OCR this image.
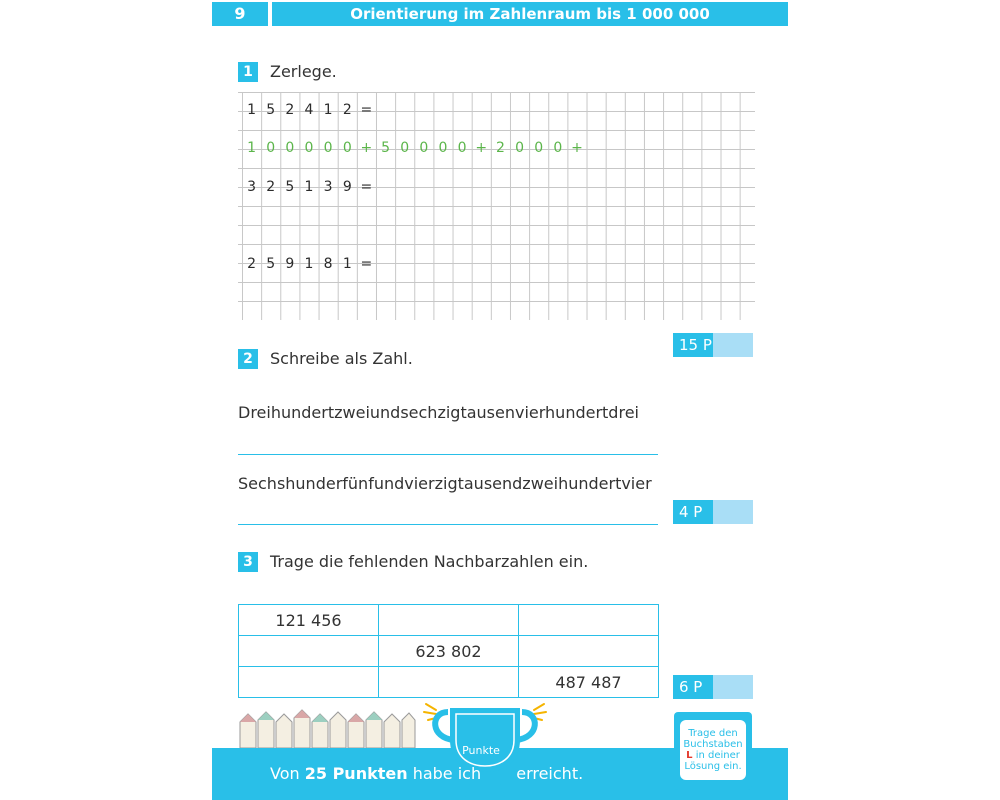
9	Orientierung im Zahlenraum bis 1 000 000
1	Zerlege.
1 5 2 4 1 2 =
1 0 0 0 0 0 + 5 0 0 0 0 + 2 0 0 0 +
3 2 5 1 3 9 =
2 5 9 1 8 1 =
15 P
2	Schreibe als Zahl.
Dreihundertzweiundsechzigtausenvierhundertdrei
Sechshunderfünfundvierzigtausendzweihundertvier
4 P
3	Trage die fehlenden Nachbarzahlen ein.
121 456		
	623 802	
		487 487	6 P
Punkte
Von 25 Punkten habe ich erreicht.
Trage den
Buchstaben
L in deiner
Lösung ein.
